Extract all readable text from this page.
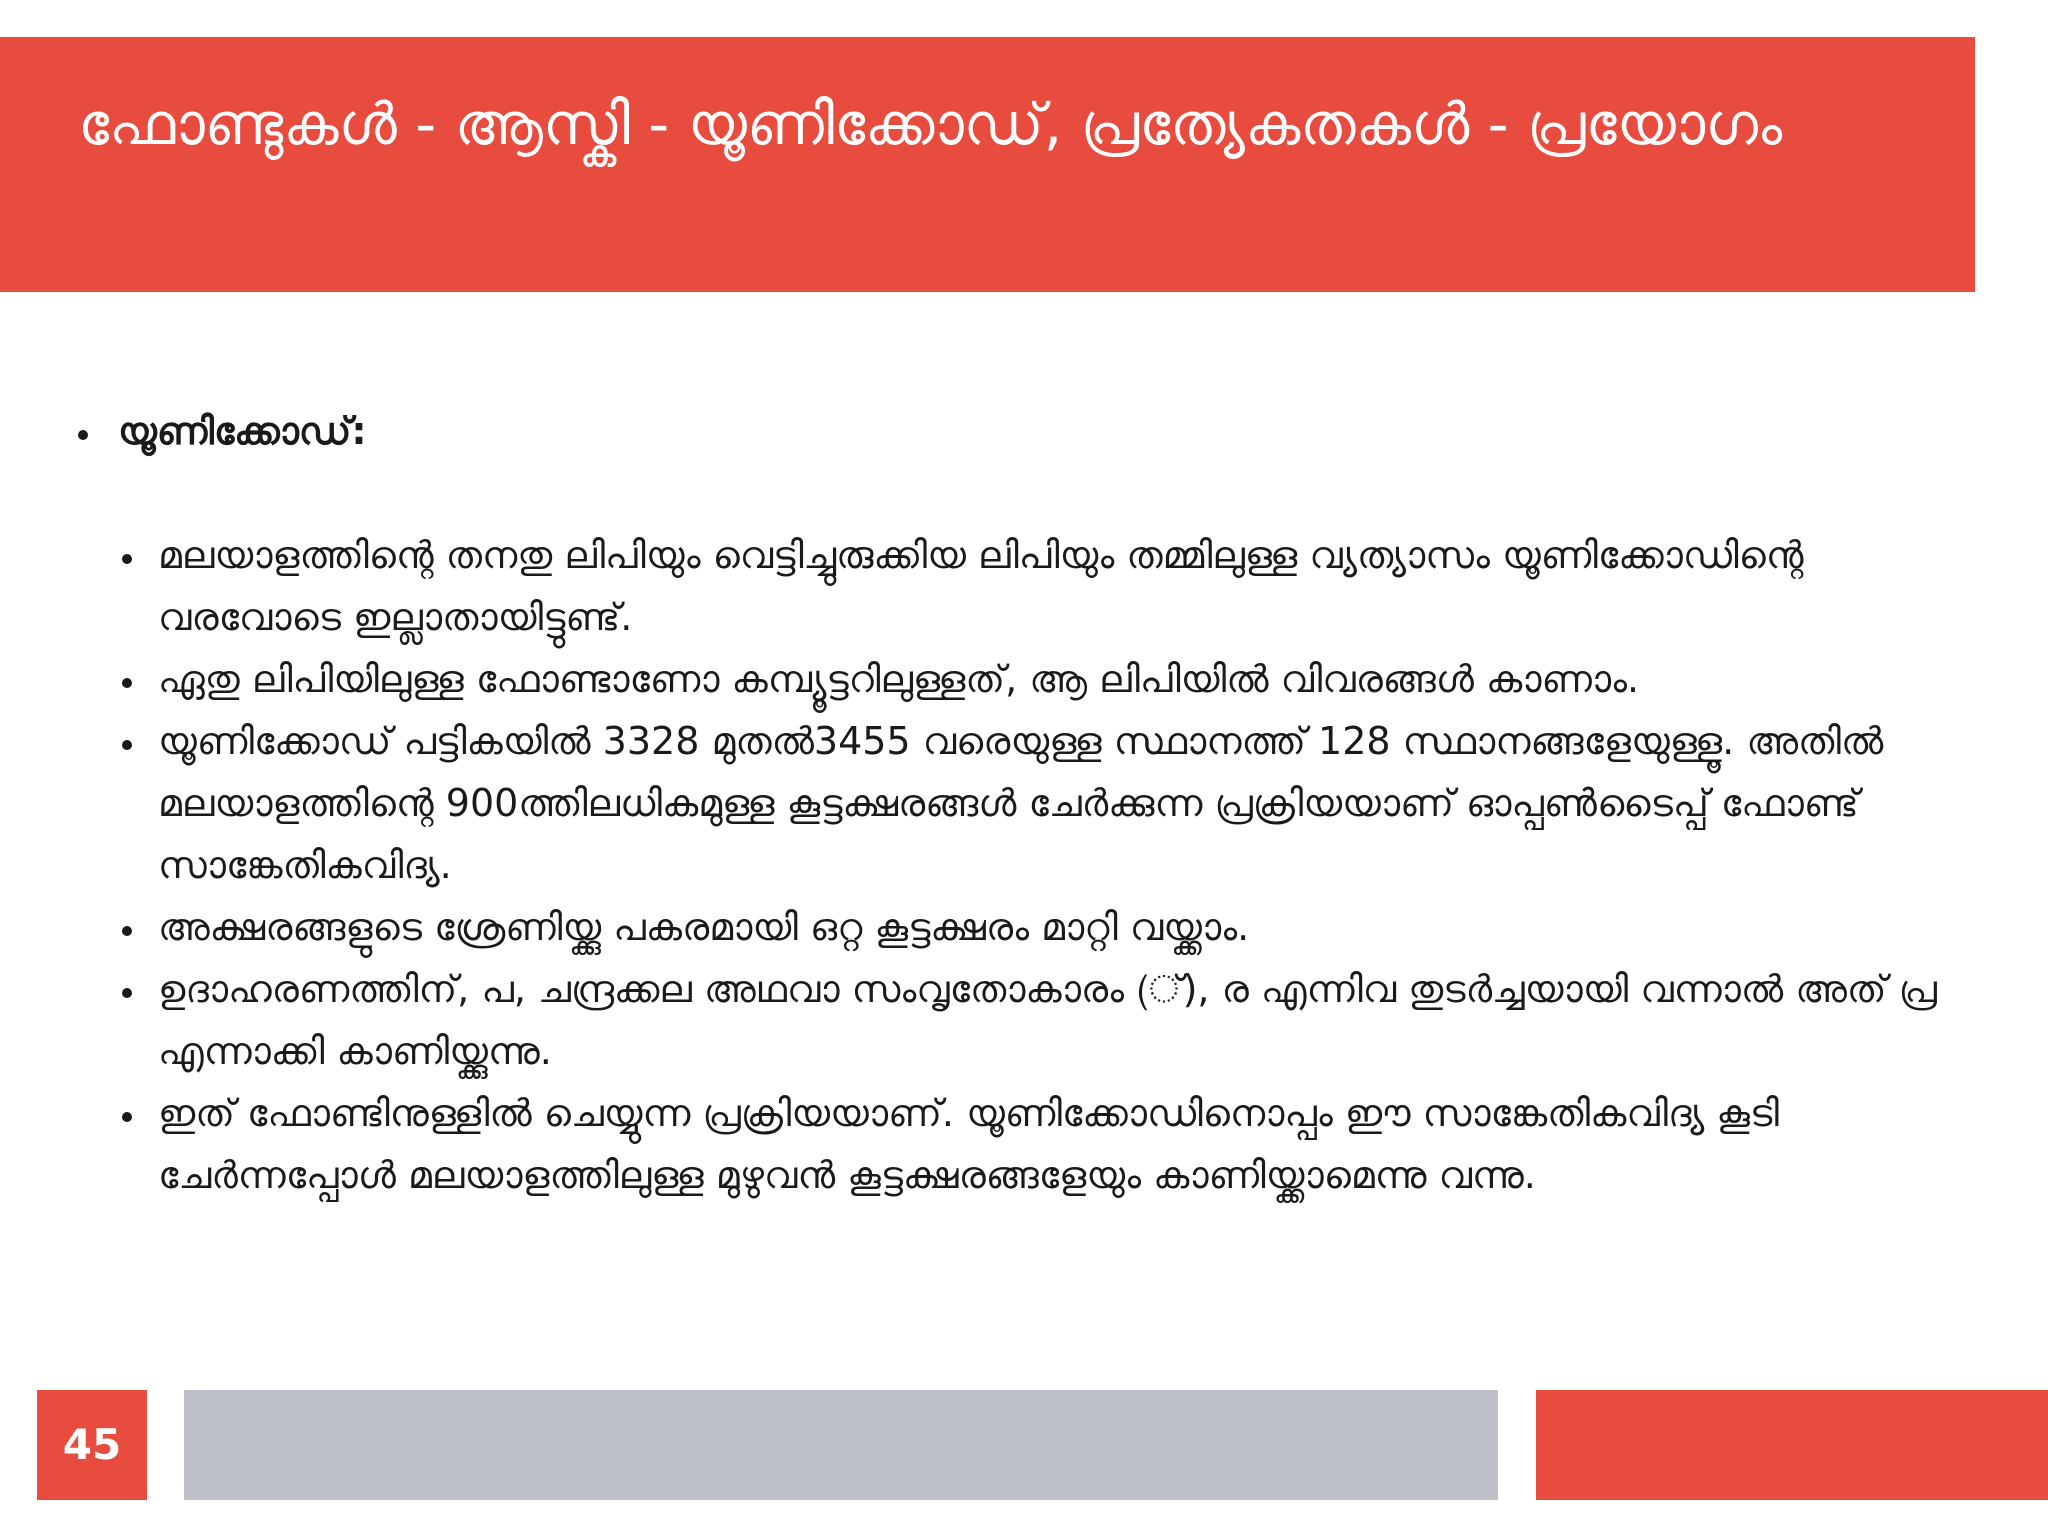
ഫോണ്ടുകൾ - ആസ്കി - യൂണിക്കോഡ്, പ്രത്യേകതകൾ - പ്രയോഗം
യൂണിക്കോഡ്:
മലയാളത്തിന്റെ തനതു ലിപിയും വെട്ടിച്ചുരുക്കിയ ലിപിയും തമ്മിലുള്ള വ്യത്യാസം യൂണിക്കോഡിന്റെ വരവോടെ ഇല്ലാതായിട്ടുണ്ട്.
ഏതു ലിപിയിലുള്ള ഫോണ്ടാണോ കമ്പ്യൂട്ടറിലുള്ളത്, ആ ലിപിയിൽ വിവരങ്ങൾ കാണാം.
യൂണിക്കോഡ് പട്ടികയിൽ 3328 മുതൽ3455 വരെയുള്ള സ്ഥാനത്ത് 128 സ്ഥാനങ്ങളേയുള്ളൂ. അതിൽ മലയാളത്തിന്റെ 900ത്തിലധികമുള്ള കൂട്ടക്ഷരങ്ങൾ ചേർക്കുന്ന പ്രക്രിയയാണ് ഓപ്പൺടൈപ്പ് ഫോണ്ട് സാങ്കേതികവിദ്യ.
അക്ഷരങ്ങളുടെ ശ്രേണിയ്ക്കു പകരമായി ഒറ്റ കൂട്ടക്ഷരം മാറ്റി വയ്ക്കാം.
ഉദാഹരണത്തിന്, പ, ചന്ദ്രക്കല അഥവാ സംവൃതോകാരം (്), ര എന്നിവ തുടർച്ചയായി വന്നാൽ അത് പ്ര എന്നാക്കി കാണിയ്ക്കുന്നു.
ഇത് ഫോണ്ടിനുള്ളിൽ ചെയ്യുന്ന പ്രക്രിയയാണ്. യൂണിക്കോഡിനൊപ്പം ഈ സാങ്കേതികവിദ്യ കൂടി ചേർന്നപ്പോൾ മലയാളത്തിലുള്ള മുഴുവൻ കൂട്ടക്ഷരങ്ങളേയും കാണിയ്ക്കാമെന്നു വന്നു.
45
